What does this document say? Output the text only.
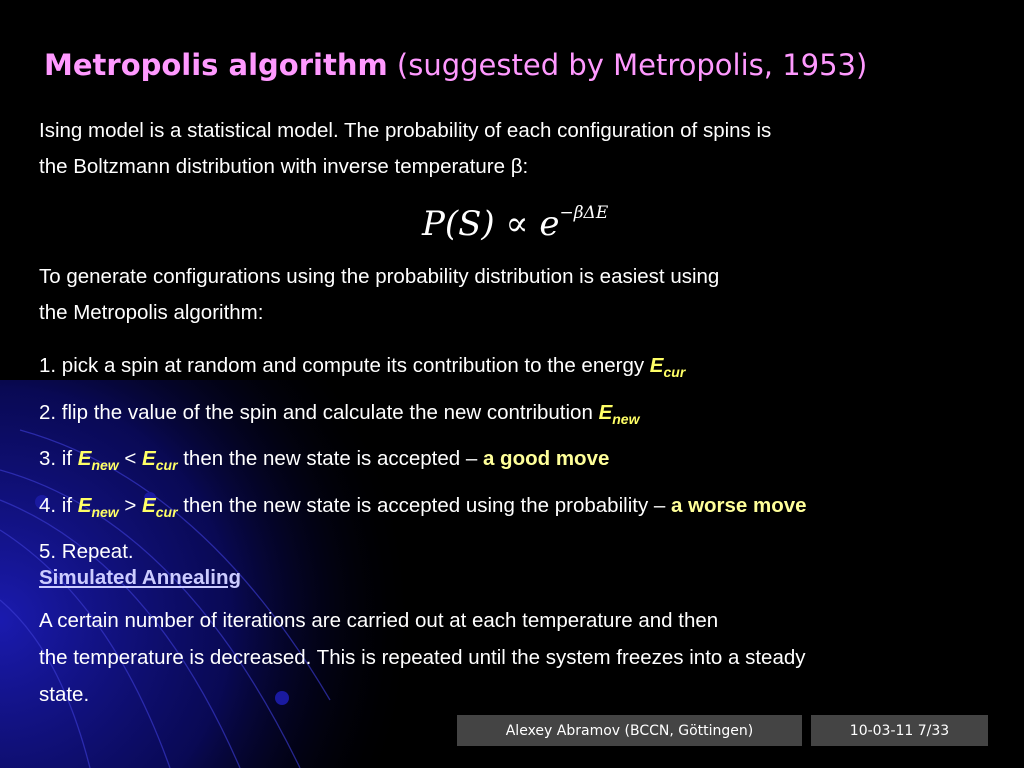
Metropolis algorithm (suggested by Metropolis, 1953)
Ising model is a statistical model. The probability of each configuration of spins is
the Boltzmann distribution with inverse temperature β:
$P(S) \propto e^{-\beta\Delta E}$
To generate configurations using the probability distribution is easiest using
the Metropolis algorithm:
1. pick a spin at random and compute its contribution to the energy $E_{cur}$
2. flip the value of the spin and calculate the new contribution $E_{new}$
3. if $E_{new} < E_{cur}$ then the new state is accepted – a good move
4. if $E_{new} > E_{cur}$ then the new state is accepted using the probability – a worse move
5. Repeat.
Simulated Annealing
A certain number of iterations are carried out at each temperature and then
the temperature is decreased. This is repeated until the system freezes into a steady
state.
Alexey Abramov (BCCN, Göttingen)	10-03-11 7/33
